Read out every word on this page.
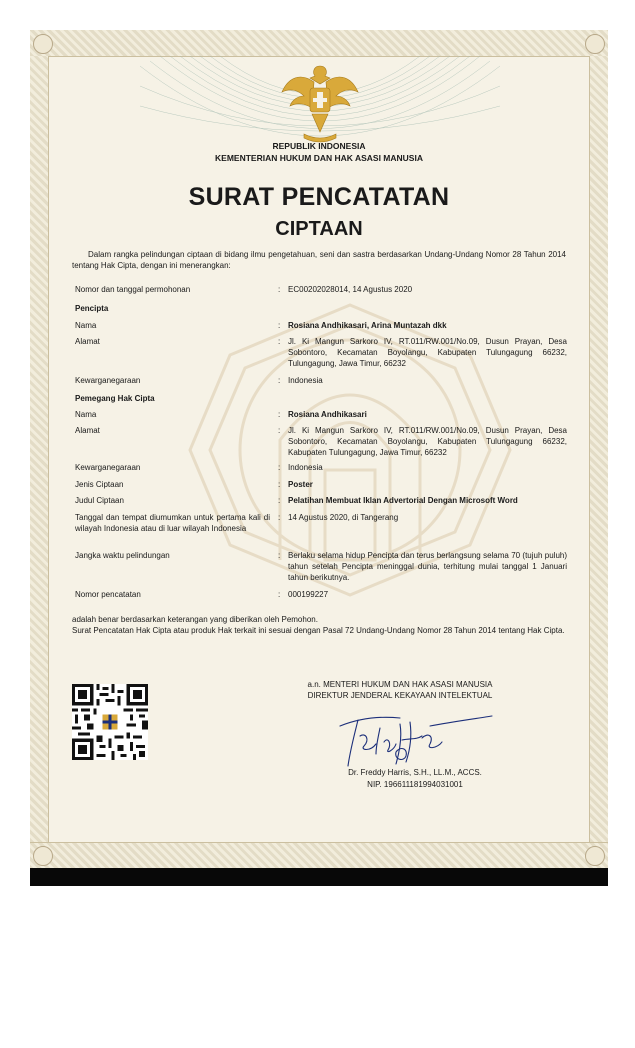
REPUBLIK INDONESIA
KEMENTERIAN HUKUM DAN HAK ASASI MANUSIA
SURAT PENCATATAN
CIPTAAN
Dalam rangka pelindungan ciptaan di bidang ilmu pengetahuan, seni dan sastra berdasarkan Undang-Undang Nomor 28 Tahun 2014 tentang Hak Cipta, dengan ini menerangkan:
Nomor dan tanggal permohonan	: EC00202028014, 14 Agustus 2020
Pencipta
Nama	: Rosiana Andhikasari, Arina Muntazah dkk
Alamat	: Jl. Ki Mangun Sarkoro IV, RT.011/RW.001/No.09, Dusun Prayan, Desa Sobontoro, Kecamatan Boyolangu, Kabupaten Tulungagung 66232, Tulungagung, Jawa Timur, 66232
Kewarganegaraan	: Indonesia
Pemegang Hak Cipta
Nama	: Rosiana Andhikasari
Alamat	: Jl. Ki Mangun Sarkoro IV, RT.011/RW.001/No.09, Dusun Prayan, Desa Sobontoro, Kecamatan Boyolangu, Kabupaten Tulungagung 66232, Kabupaten Tulungagung, Jawa Timur, 66232
Kewarganegaraan	: Indonesia
Jenis Ciptaan	: Poster
Judul Ciptaan	: Pelatihan Membuat Iklan Advertorial Dengan Microsoft Word
Tanggal dan tempat diumumkan untuk pertama kali di wilayah Indonesia atau di luar wilayah Indonesia
: 14 Agustus 2020, di Tangerang
Jangka waktu pelindungan	: Berlaku selama hidup Pencipta dan terus berlangsung selama 70 (tujuh puluh) tahun setelah Pencipta meninggal dunia, terhitung mulai tanggal 1 Januari tahun berikutnya.
Nomor pencatatan	: 000199227
adalah benar berdasarkan keterangan yang diberikan oleh Pemohon.
Surat Pencatatan Hak Cipta atau produk Hak terkait ini sesuai dengan Pasal 72 Undang-Undang Nomor 28 Tahun 2014 tentang Hak Cipta.
a.n. MENTERI HUKUM DAN HAK ASASI MANUSIA
DIREKTUR JENDERAL KEKAYAAN INTELEKTUAL
Dr. Freddy Harris, S.H., LL.M., ACCS.
NIP. 196611181994031001
